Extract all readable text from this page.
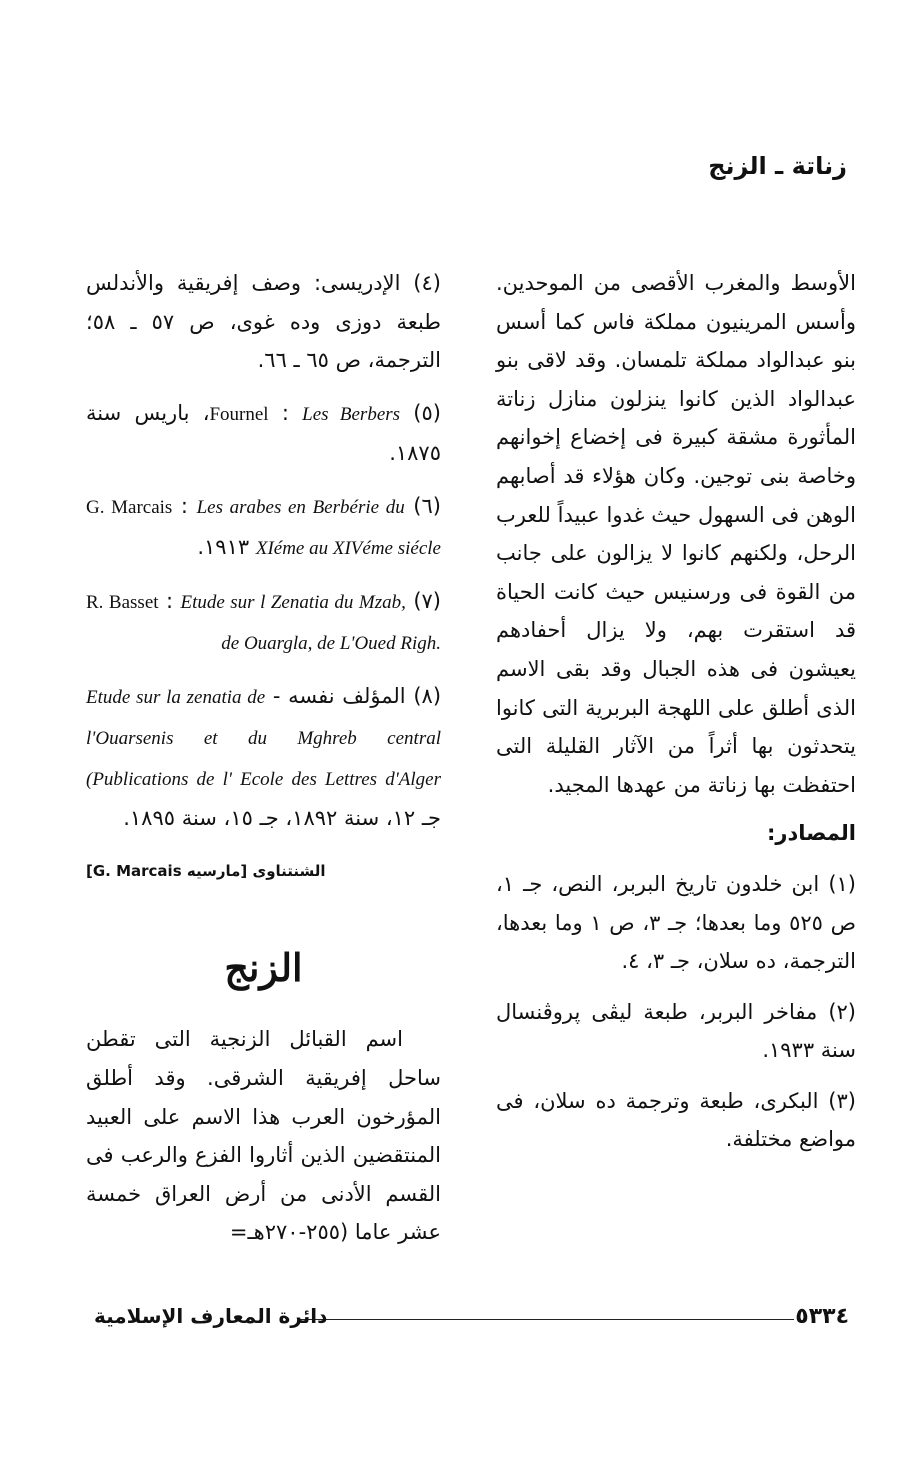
زناتة ـ الزنج

الأوسط والمغرب الأقصى من الموحدين. وأسس المرينيون مملكة فاس كما أسس بنو عبدالواد مملكة تلمسان. وقد لاقى بنو عبدالواد الذين كانوا ينزلون منازل زناتة المأثورة مشقة كبيرة فى إخضاع إخوانهم وخاصة بنى توجين. وكان هؤلاء قد أصابهم الوهن فى السهول حيث غدوا عبيداً للعرب الرحل، ولكنهم كانوا لا يزالون على جانب من القوة فى ورسنيس حيث كانت الحياة قد استقرت بهم، ولا يزال أحفادهم يعيشون فى هذه الجبال وقد بقى الاسم الذى أطلق على اللهجة البربرية التى كانوا يتحدثون بها أثراً من الآثار القليلة التى احتفظت بها زناتة من عهدها المجيد.

المصادر:

(١) ابن خلدون تاريخ البربر، النص، جـ ١، ص ٥٢٥ وما بعدها؛ جـ ٣، ص ١ وما بعدها، الترجمة، ده سلان، جـ ٣، ٤.

(٢) مفاخر البربر، طبعة ليڤى پروڤنسال سنة ١٩٣٣.

(٣) البكرى، طبعة وترجمة ده سلان، فى مواضع مختلفة.

(٤) الإدريسى: وصف إفريقية والأندلس طبعة دوزى وده غوى، ص ٥٧ ـ ٥٨؛ الترجمة، ص ٦٥ ـ ٦٦.

(٥) Fournel : Les Berbers، باريس سنة ١٨٧٥.

(٦) G. Marcais : Les arabes en Berbérie du XIéme au XIVéme siécle ١٩١٣.

(٧) R. Basset : Etude sur l Zenatia du Mzab, de Ouargla, de L'Oued Righ.

(٨) المؤلف نفسه - Etude sur la zenatia de l'Ouarsenis et du Mghreb central (Publications de l' Ecole des Lettres d'Alger جـ ١٢، سنة ١٨٩٢، جـ ١٥، سنة ١٨٩٥.

الشنتناوى [مارسيه G. Marcais]

الزنج

اسم القبائل الزنجية التى تقطن ساحل إفريقية الشرقى. وقد أطلق المؤرخون العرب هذا الاسم على العبيد المنتقضين الذين أثاروا الفزع والرعب فى القسم الأدنى من أرض العراق خمسة عشر عاما (٢٥٥-٢٧٠هـ=

٥٣٣٤
دائرة المعارف الإسلامية
